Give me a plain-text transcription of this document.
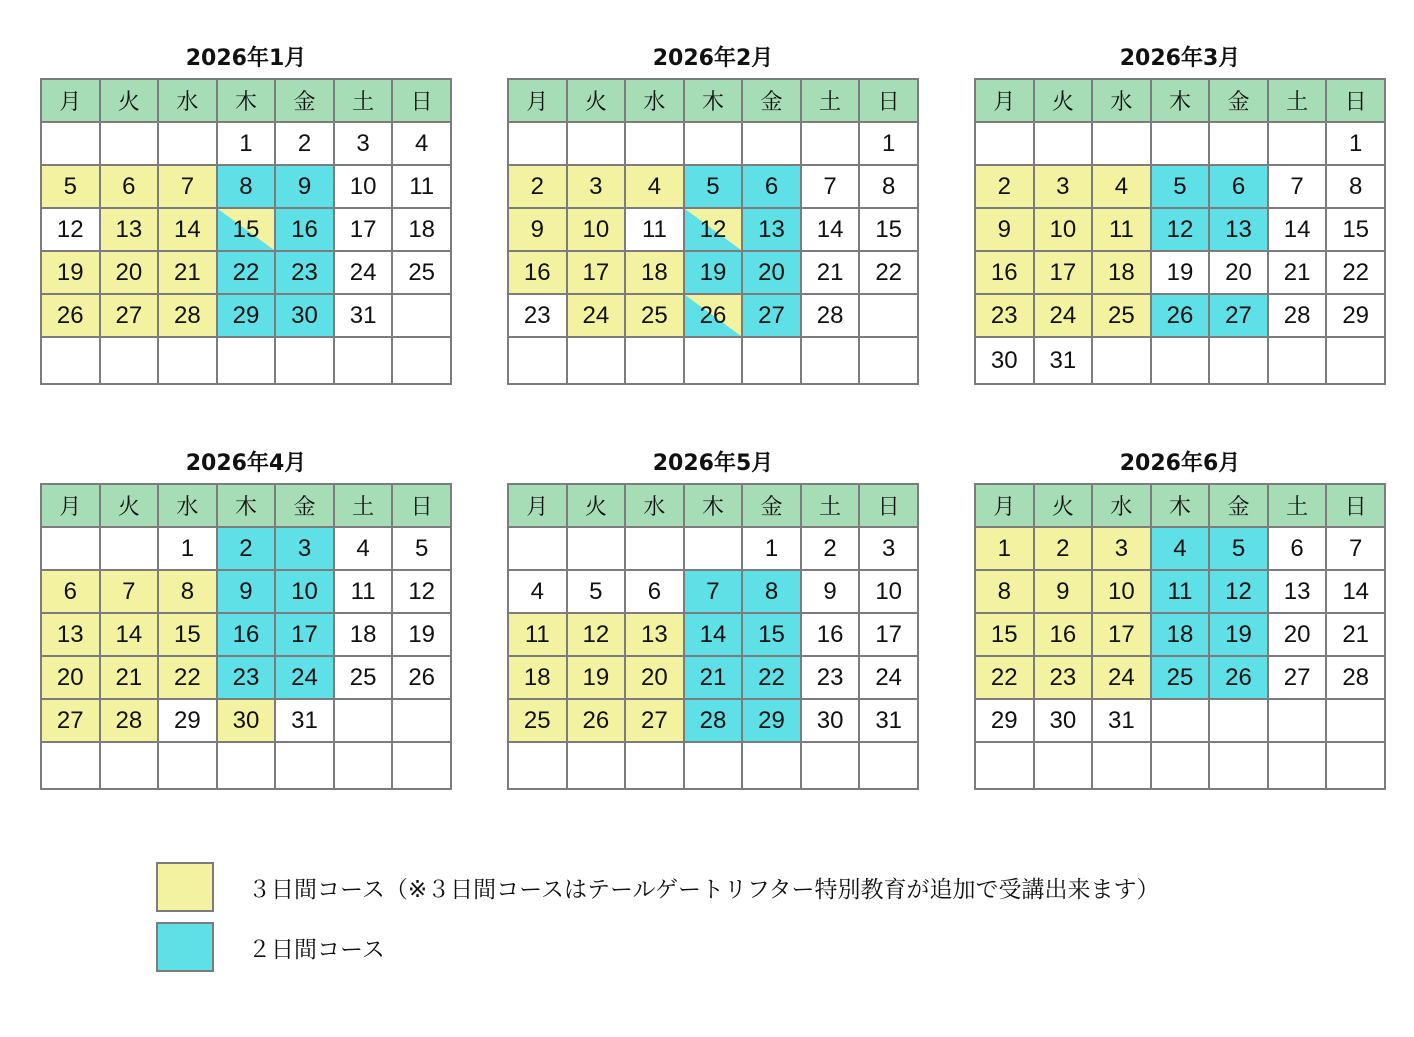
2026年1月
月	火	水	木	金	土	日
			1	2	3	4
5	6	7	8	9	10	11
12	13	14	15	16	17	18
19	20	21	22	23	24	25
26	27	28	29	30	31	

2026年2月
月	火	水	木	金	土	日
						1
2	3	4	5	6	7	8
9	10	11	12	13	14	15
16	17	18	19	20	21	22
23	24	25	26	27	28	

2026年3月
月	火	水	木	金	土	日
						1
2	3	4	5	6	7	8
9	10	11	12	13	14	15
16	17	18	19	20	21	22
23	24	25	26	27	28	29
30	31					
2026年4月
月	火	水	木	金	土	日
		1	2	3	4	5
6	7	8	9	10	11	12
13	14	15	16	17	18	19
20	21	22	23	24	25	26
27	28	29	30	31		

2026年5月
月	火	水	木	金	土	日
				1	2	3
4	5	6	7	8	9	10
11	12	13	14	15	16	17
18	19	20	21	22	23	24
25	26	27	28	29	30	31

2026年6月
月	火	水	木	金	土	日
1	2	3	4	5	6	7
8	9	10	11	12	13	14
15	16	17	18	19	20	21
22	23	24	25	26	27	28
29	30	31				

３日間コース（※３日間コースはテールゲートリフター特別教育が追加で受講出来ます）
２日間コース
